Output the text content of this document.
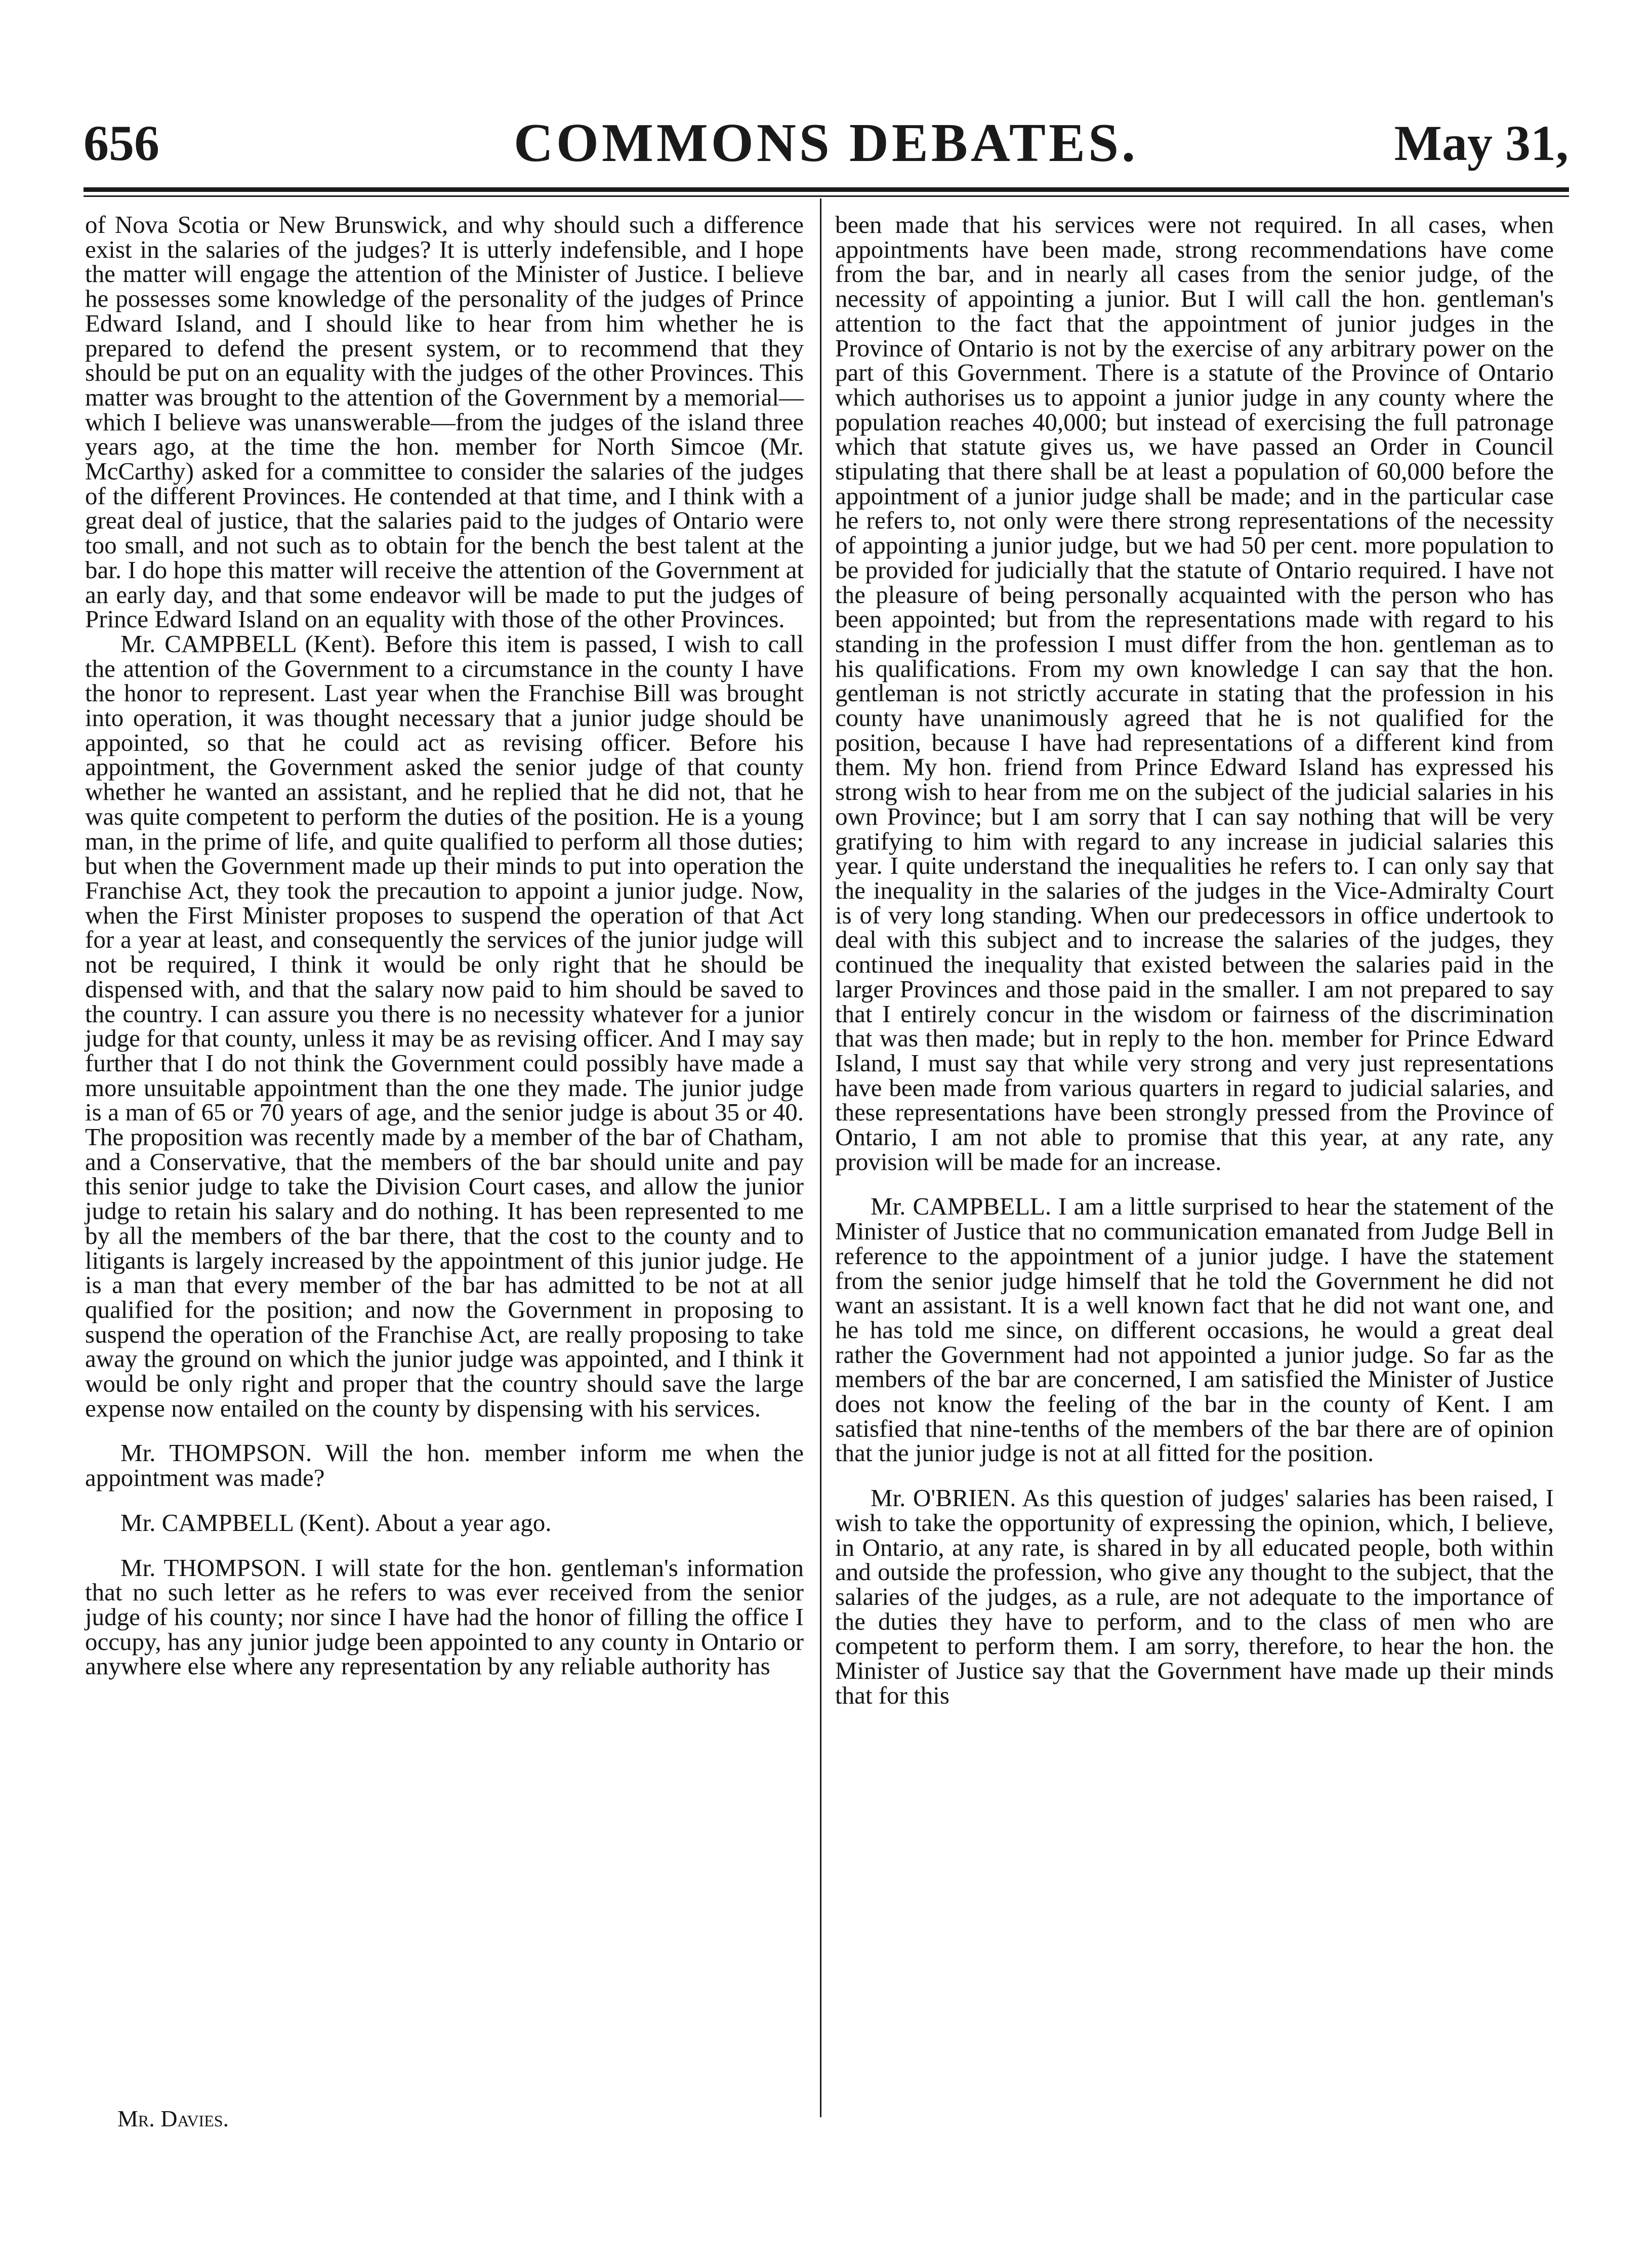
656	COMMONS DEBATES.	May 31,

of Nova Scotia or New Brunswick, and why should such a difference exist in the salaries of the judges? It is utterly indefensible, and I hope the matter will engage the attention of the Minister of Justice. I believe he possesses some knowledge of the personality of the judges of Prince Edward Island, and I should like to hear from him whether he is prepared to defend the present system, or to recommend that they should be put on an equality with the judges of the other Provinces. This matter was brought to the attention of the Government by a memorial—which I believe was unanswerable—from the judges of the island three years ago, at the time the hon. member for North Simcoe (Mr. McCarthy) asked for a committee to consider the salaries of the judges of the different Provinces. He contended at that time, and I think with a great deal of justice, that the salaries paid to the judges of Ontario were too small, and not such as to obtain for the bench the best talent at the bar. I do hope this matter will receive the attention of the Government at an early day, and that some endeavor will be made to put the judges of Prince Edward Island on an equality with those of the other Provinces.

Mr. CAMPBELL (Kent). Before this item is passed, I wish to call the attention of the Government to a circumstance in the county I have the honor to represent. Last year when the Franchise Bill was brought into operation, it was thought necessary that a junior judge should be appointed, so that he could act as revising officer. Before his appointment, the Government asked the senior judge of that county whether he wanted an assistant, and he replied that he did not, that he was quite competent to perform the duties of the position. He is a young man, in the prime of life, and quite qualified to perform all those duties; but when the Government made up their minds to put into operation the Franchise Act, they took the precaution to appoint a junior judge. Now, when the First Minister proposes to suspend the operation of that Act for a year at least, and consequently the services of the junior judge will not be required, I think it would be only right that he should be dispensed with, and that the salary now paid to him should be saved to the country. I can assure you there is no necessity whatever for a junior judge for that county, unless it may be as revising officer. And I may say further that I do not think the Government could possibly have made a more unsuitable appointment than the one they made. The junior judge is a man of 65 or 70 years of age, and the senior judge is about 35 or 40. The proposition was recently made by a member of the bar of Chatham, and a Conservative, that the members of the bar should unite and pay this senior judge to take the Division Court cases, and allow the junior judge to retain his salary and do nothing. It has been represented to me by all the members of the bar there, that the cost to the county and to litigants is largely increased by the appointment of this junior judge. He is a man that every member of the bar has admitted to be not at all qualified for the position; and now the Government in proposing to suspend the operation of the Franchise Act, are really proposing to take away the ground on which the junior judge was appointed, and I think it would be only right and proper that the country should save the large expense now entailed on the county by dispensing with his services.

Mr. THOMPSON. Will the hon. member inform me when the appointment was made?

Mr. CAMPBELL (Kent). About a year ago.

Mr. THOMPSON. I will state for the hon. gentleman's information that no such letter as he refers to was ever received from the senior judge of his county; nor since I have had the honor of filling the office I occupy, has any junior judge been appointed to any county in Ontario or anywhere else where any representation by any reliable authority has

been made that his services were not required. In all cases, when appointments have been made, strong recommendations have come from the bar, and in nearly all cases from the senior judge, of the necessity of appointing a junior. But I will call the hon. gentleman's attention to the fact that the appointment of junior judges in the Province of Ontario is not by the exercise of any arbitrary power on the part of this Government. There is a statute of the Province of Ontario which authorises us to appoint a junior judge in any county where the population reaches 40,000; but instead of exercising the full patronage which that statute gives us, we have passed an Order in Council stipulating that there shall be at least a population of 60,000 before the appointment of a junior judge shall be made; and in the particular case he refers to, not only were there strong representations of the necessity of appointing a junior judge, but we had 50 per cent. more population to be provided for judicially that the statute of Ontario required. I have not the pleasure of being personally acquainted with the person who has been appointed; but from the representations made with regard to his standing in the profession I must differ from the hon. gentleman as to his qualifications. From my own knowledge I can say that the hon. gentleman is not strictly accurate in stating that the profession in his county have unanimously agreed that he is not qualified for the position, because I have had representations of a different kind from them. My hon. friend from Prince Edward Island has expressed his strong wish to hear from me on the subject of the judicial salaries in his own Province; but I am sorry that I can say nothing that will be very gratifying to him with regard to any increase in judicial salaries this year. I quite understand the inequalities he refers to. I can only say that the inequality in the salaries of the judges in the Vice-Admiralty Court is of very long standing. When our predecessors in office undertook to deal with this subject and to increase the salaries of the judges, they continued the inequality that existed between the salaries paid in the larger Provinces and those paid in the smaller. I am not prepared to say that I entirely concur in the wisdom or fairness of the discrimination that was then made; but in reply to the hon. member for Prince Edward Island, I must say that while very strong and very just representations have been made from various quarters in regard to judicial salaries, and these representations have been strongly pressed from the Province of Ontario, I am not able to promise that this year, at any rate, any provision will be made for an increase.

Mr. CAMPBELL. I am a little surprised to hear the statement of the Minister of Justice that no communication emanated from Judge Bell in reference to the appointment of a junior judge. I have the statement from the senior judge himself that he told the Government he did not want an assistant. It is a well known fact that he did not want one, and he has told me since, on different occasions, he would a great deal rather the Government had not appointed a junior judge. So far as the members of the bar are concerned, I am satisfied the Minister of Justice does not know the feeling of the bar in the county of Kent. I am satisfied that nine-tenths of the members of the bar there are of opinion that the junior judge is not at all fitted for the position.

Mr. O'BRIEN. As this question of judges' salaries has been raised, I wish to take the opportunity of expressing the opinion, which, I believe, in Ontario, at any rate, is shared in by all educated people, both within and outside the profession, who give any thought to the subject, that the salaries of the judges, as a rule, are not adequate to the importance of the duties they have to perform, and to the class of men who are competent to perform them. I am sorry, therefore, to hear the hon. the Minister of Justice say that the Government have made up their minds that for this

Mr. Davies.
